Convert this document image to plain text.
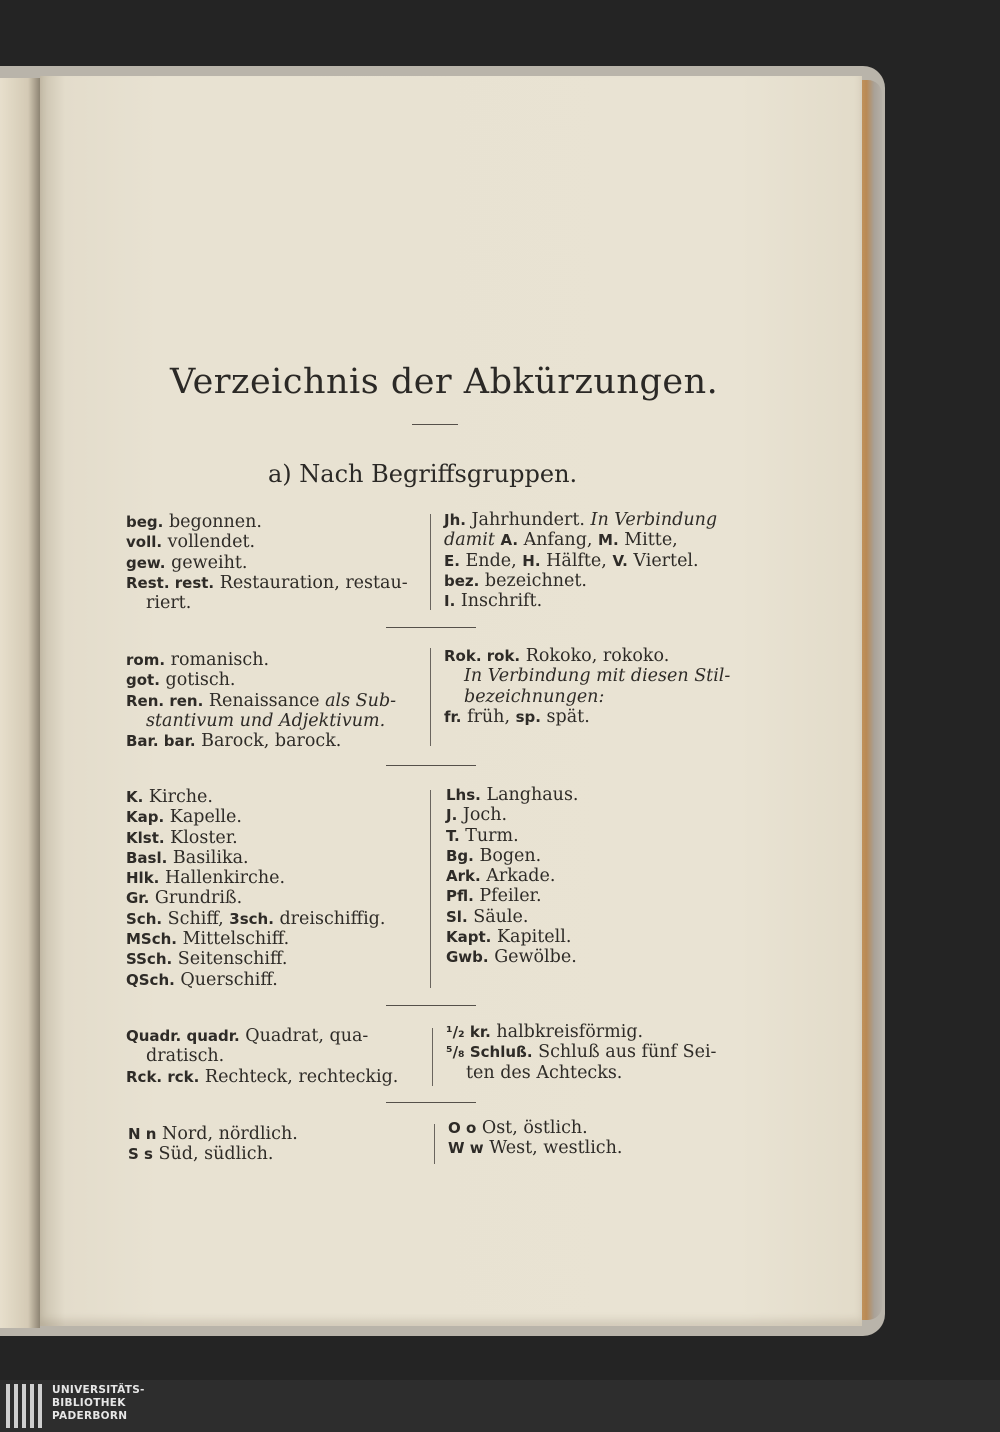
Verzeichnis der Abkürzungen.
a) Nach Begriffsgruppen.
beg. begonnen.
voll. vollendet.
gew. geweiht.
Rest. rest. Restauration, restau-
riert.
Jh. Jahrhundert. In Verbindung
damit A. Anfang, M. Mitte,
E. Ende, H. Hälfte, V. Viertel.
bez. bezeichnet.
I. Inschrift.
rom. romanisch.
got. gotisch.
Ren. ren. Renaissance als Sub-
stantivum und Adjektivum.
Bar. bar. Barock, barock.
Rok. rok. Rokoko, rokoko.
In Verbindung mit diesen Stil-
bezeichnungen:
fr. früh, sp. spät.
K. Kirche.
Kap. Kapelle.
Klst. Kloster.
Basl. Basilika.
Hlk. Hallenkirche.
Gr. Grundriß.
Sch. Schiff, 3sch. dreischiffig.
MSch. Mittelschiff.
SSch. Seitenschiff.
QSch. Querschiff.
Lhs. Langhaus.
J. Joch.
T. Turm.
Bg. Bogen.
Ark. Arkade.
Pfl. Pfeiler.
Sl. Säule.
Kapt. Kapitell.
Gwb. Gewölbe.
Quadr. quadr. Quadrat, qua-
dratisch.
Rck. rck. Rechteck, rechteckig.
¹/₂ kr. halbkreisförmig.
⁵/₈ Schluß. Schluß aus fünf Sei-
ten des Achtecks.
N n Nord, nördlich.
S s Süd, südlich.
O o Ost, östlich.
W w West, westlich.
UNIVERSITÄTS-
BIBLIOTHEK
PADERBORN
